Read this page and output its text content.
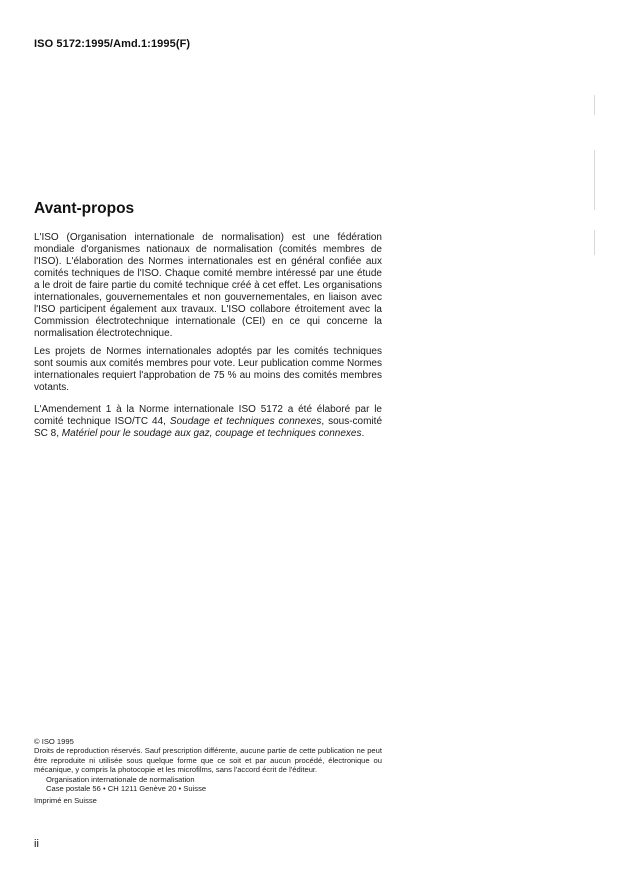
ISO 5172:1995/Amd.1:1995(F)
Avant-propos

L'ISO (Organisation internationale de normalisation) est une fédération mondiale d'organismes nationaux de normalisation (comités membres de l'ISO). L'élaboration des Normes internationales est en général confiée aux comités techniques de l'ISO. Chaque comité membre intéressé par une étude a le droit de faire partie du comité technique créé à cet effet. Les organisations internationales, gouvernementales et non gouvernementales, en liaison avec l'ISO participent également aux travaux. L'ISO collabore étroitement avec la Commission électrotechnique internationale (CEI) en ce qui concerne la normalisation électrotechnique.

Les projets de Normes internationales adoptés par les comités techniques sont soumis aux comités membres pour vote. Leur publication comme Normes internationales requiert l'approbation de 75 % au moins des comités membres votants.

L'Amendement 1 à la Norme internationale ISO 5172 a été élaboré par le comité technique ISO/TC 44, Soudage et techniques connexes, sous-comité SC 8, Matériel pour le soudage aux gaz, coupage et techniques connexes.

© ISO 1995

Droits de reproduction réservés. Sauf prescription différente, aucune partie de cette publication ne peut être reproduite ni utilisée sous quelque forme que ce soit et par aucun procédé, électronique ou mécanique, y compris la photocopie et les microfilms, sans l'accord écrit de l'éditeur.

Organisation internationale de normalisation

Case postale 56 • CH 1211 Genève 20 • Suisse

Imprimé en Suisse

ii
